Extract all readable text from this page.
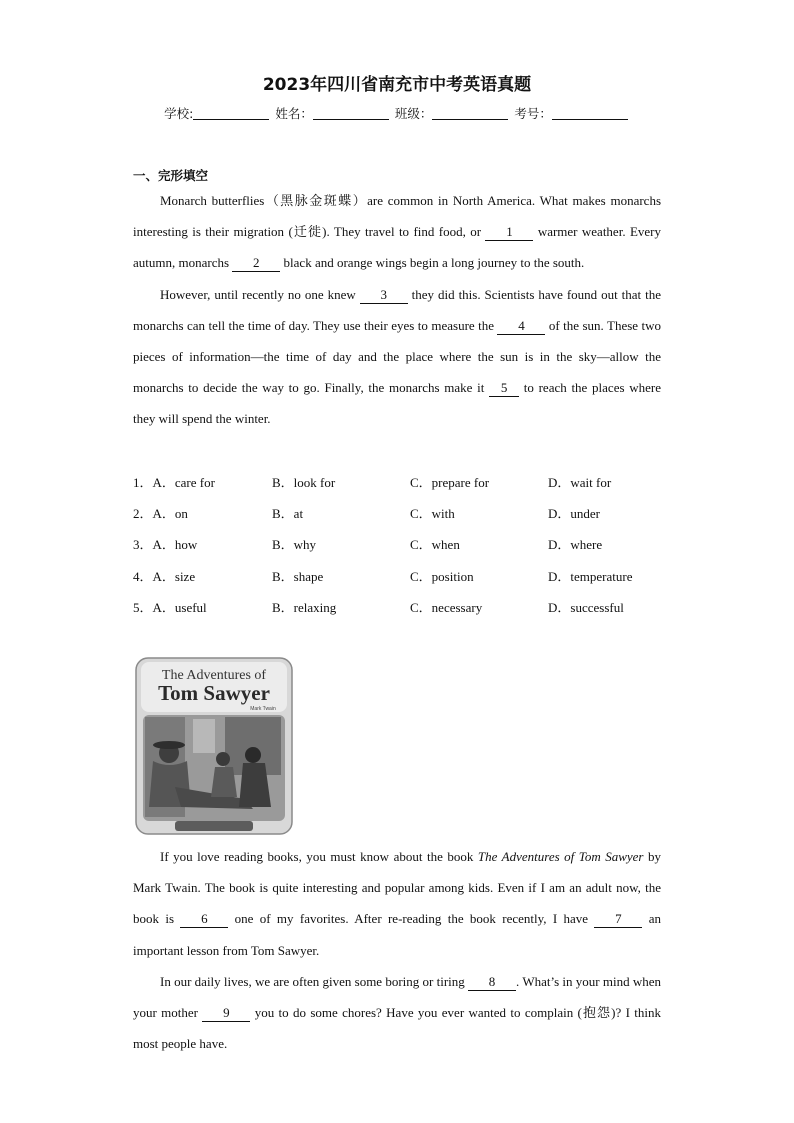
2023年四川省南充市中考英语真题
学校:	姓名：	班级：	考号：
一、完形填空

Monarch butterflies（黑脉金斑蝶）are common in North America. What makes monarchs interesting is their migration (迁徙). They travel to find food, or 1 warmer weather. Every autumn, monarchs 2 black and orange wings begin a long journey to the south.

However, until recently no one knew 3 they did this. Scientists have found out that the monarchs can tell the time of day. They use their eyes to measure the 4 of the sun. These two pieces of information—the time of day and the place where the sun is in the sky—allow the monarchs to decide the way to go. Finally, the monarchs make it 5 to reach the places where they will spend the winter.

1．A．care for	B．look for	C．prepare for	D．wait for
2．A．on	B．at	C．with	D．under
3．A．how	B．why	C．when	D．where
4．A．size	B．shape	C．position	D．temperature
5．A．useful	B．relaxing	C．necessary	D．successful
The Adventures of
Tom Sawyer
Mark Twain

If you love reading books, you must know about the book The Adventures of Tom Sawyer by Mark Twain. The book is quite interesting and popular among kids. Even if I am an adult now, the book is 6 one of my favorites. After re-reading the book recently, I have 7 an important lesson from Tom Sawyer.

In our daily lives, we are often given some boring or tiring 8 . What’s in your mind when your mother 9 you to do some chores? Have you ever wanted to complain (抱怨)? I think most people have.
